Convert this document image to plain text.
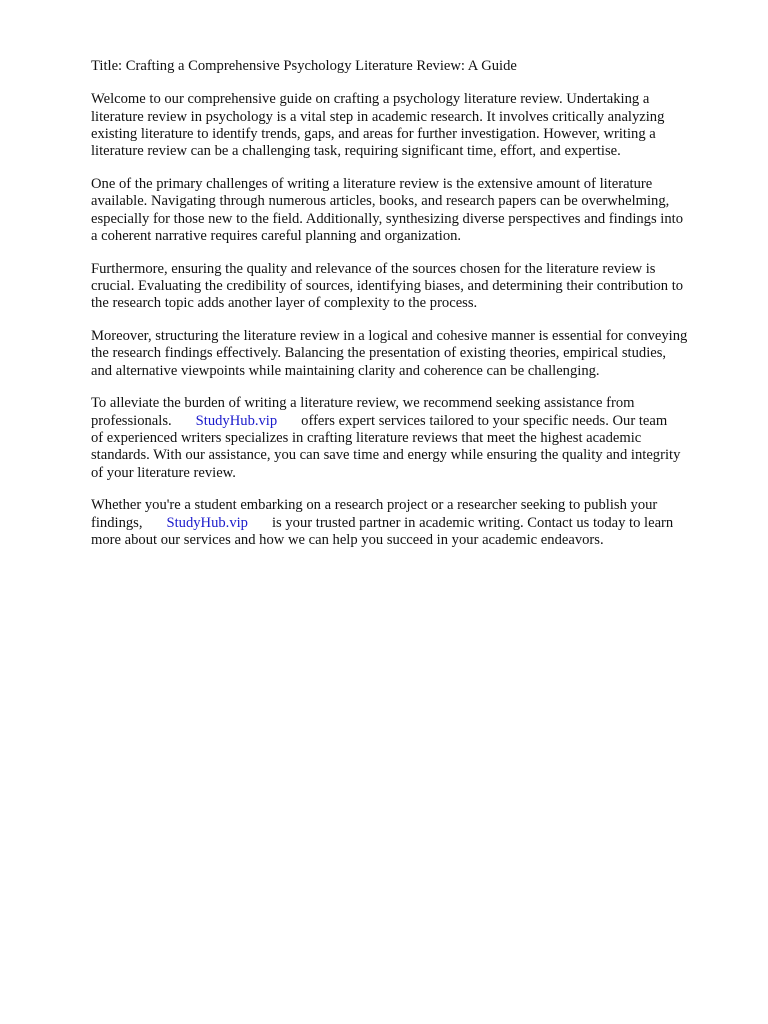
Title: Crafting a Comprehensive Psychology Literature Review: A Guide

Welcome to our comprehensive guide on crafting a psychology literature review. Undertaking a
literature review in psychology is a vital step in academic research. It involves critically analyzing
existing literature to identify trends, gaps, and areas for further investigation. However, writing a
literature review can be a challenging task, requiring significant time, effort, and expertise.

One of the primary challenges of writing a literature review is the extensive amount of literature
available. Navigating through numerous articles, books, and research papers can be overwhelming,
especially for those new to the field. Additionally, synthesizing diverse perspectives and findings into
a coherent narrative requires careful planning and organization.

Furthermore, ensuring the quality and relevance of the sources chosen for the literature review is
crucial. Evaluating the credibility of sources, identifying biases, and determining their contribution to
the research topic adds another layer of complexity to the process.

Moreover, structuring the literature review in a logical and cohesive manner is essential for conveying
the research findings effectively. Balancing the presentation of existing theories, empirical studies,
and alternative viewpoints while maintaining clarity and coherence can be challenging.

To alleviate the burden of writing a literature review, we recommend seeking assistance from
professionals. StudyHub.vip offers expert services tailored to your specific needs. Our team
of experienced writers specializes in crafting literature reviews that meet the highest academic
standards. With our assistance, you can save time and energy while ensuring the quality and integrity
of your literature review.

Whether you're a student embarking on a research project or a researcher seeking to publish your
findings, StudyHub.vip is your trusted partner in academic writing. Contact us today to learn
more about our services and how we can help you succeed in your academic endeavors.
